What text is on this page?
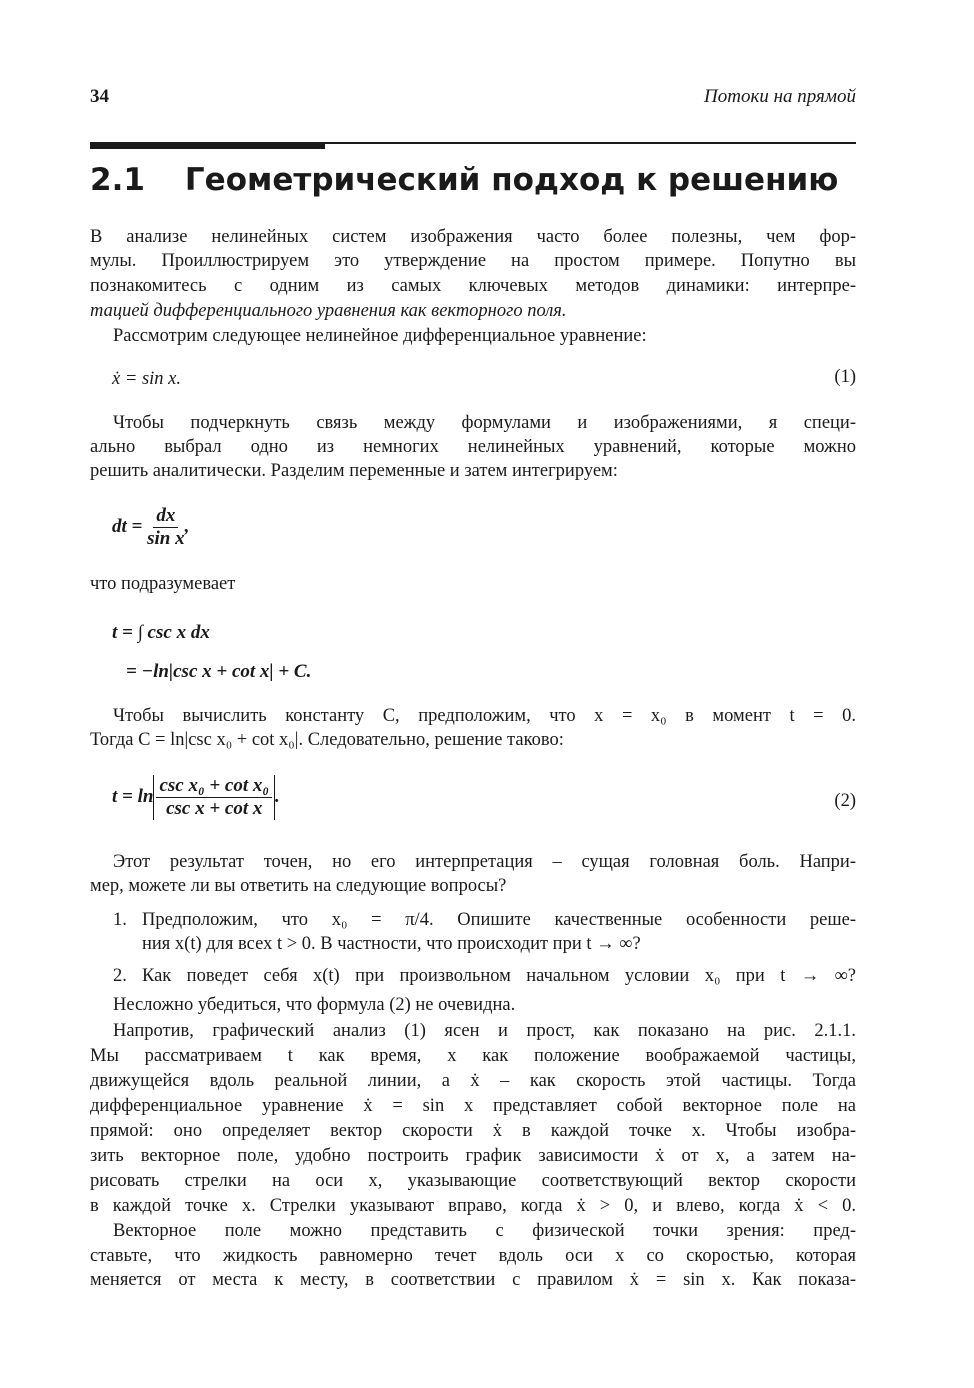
34	Потоки на прямой
2.1 Геометрический подход к решению
В анализе нелинейных систем изображения часто более полезны, чем фор-
мулы. Проиллюстрируем это утверждение на простом примере. Попутно вы
познакомитесь с одним из самых ключевых методов динамики: интерпре-
тацией дифференциального уравнения как векторного поля.
Рассмотрим следующее нелинейное дифференциальное уравнение:
ẋ = sin x.	(1)
Чтобы подчеркнуть связь между формулами и изображениями, я специ-
ально выбрал одно из немногих нелинейных уравнений, которые можно
решить аналитически. Разделим переменные и затем интегрируем:
dt = $\frac{dx}{\text{sin x}}$ ,
что подразумевает
t = ∫ csc x dx
= −ln|csc x + cot x| + C.
Чтобы вычислить константу C, предположим, что x = x₀ в момент t = 0.
Тогда C = ln|csc x₀ + cot x₀|. Следовательно, решение таково:
$t = \ln \frac{\text{csc x₀ + cot x₀}}{\text{csc x + cot x}}$ .	(2)
Этот результат точен, но его интерпретация – сущая головная боль. Напри-
мер, можете ли вы ответить на следующие вопросы?
1. Предположим, что x₀ = π/4. Опишите качественные особенности реше-
ния x(t) для всех t > 0. В частности, что происходит при t → ∞?
2. Как поведет себя x(t) при произвольном начальном условии x₀ при t → ∞?
Несложно убедиться, что формула (2) не очевидна.
Напротив, графический анализ (1) ясен и прост, как показано на рис. 2.1.1.
Мы рассматриваем t как время, x как положение воображаемой частицы,
движущейся вдоль реальной линии, а ẋ – как скорость этой частицы. Тогда
дифференциальное уравнение ẋ = sin x представляет собой векторное поле на
прямой: оно определяет вектор скорости ẋ в каждой точке x. Чтобы изобра-
зить векторное поле, удобно построить график зависимости ẋ от x, а затем на-
рисовать стрелки на оси x, указывающие соответствующий вектор скорости
в каждой точке x. Стрелки указывают вправо, когда ẋ > 0, и влево, когда ẋ < 0.
Векторное поле можно представить с физической точки зрения: пред-
ставьте, что жидкость равномерно течет вдоль оси x со скоростью, которая
меняется от места к месту, в соответствии с правилом ẋ = sin x. Как показа-
